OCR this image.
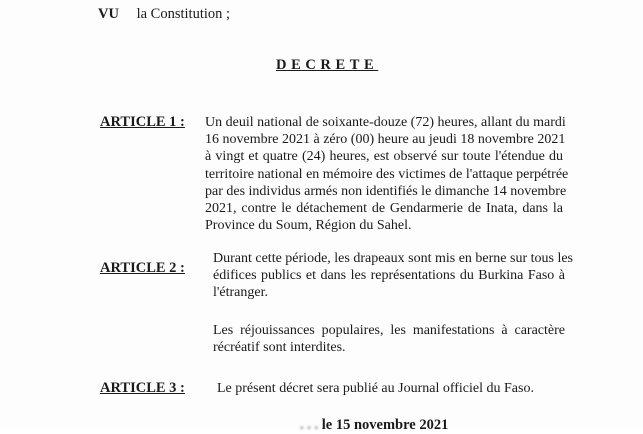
VU la Constitution ;
DECRETE
ARTICLE 1 : Un deuil national de soixante-douze (72) heures, allant du mardi
16 novembre 2021 à zéro (00) heure au jeudi 18 novembre 2021
à vingt et quatre (24) heures, est observé sur toute l'étendue du
territoire national en mémoire des victimes de l'attaque perpétrée
par des individus armés non identifiés le dimanche 14 novembre
2021, contre le détachement de Gendarmerie de Inata, dans la
Province du Soum, Région du Sahel.
ARTICLE 2 :
Durant cette période, les drapeaux sont mis en berne sur tous les
édifices publics et dans les représentations du Burkina Faso à
l'étranger.
Les réjouissances populaires, les manifestations à caractère
récréatif sont interdites.
ARTICLE 3 : Le présent décret sera publié au Journal officiel du Faso.
. . . le 15 novembre 2021
